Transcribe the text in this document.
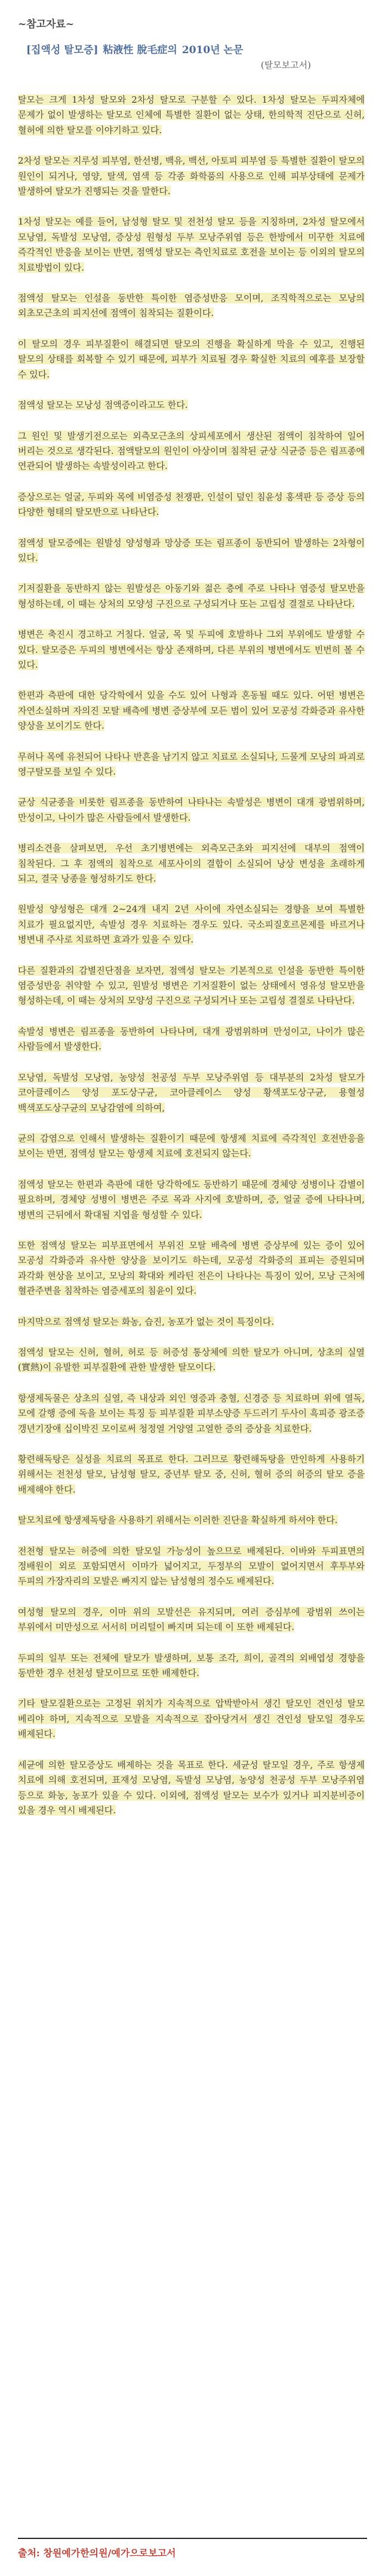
~참고자료~
[집액성 탈모증] 粘液性 脫毛症의 2010년 논문
(탈모보고서)

탈모는 크게 1차성 탈모와 2차성 탈모로 구분할 수 있다. 1차성 탈모는 두피자체에 문제가 없이 발생하는 탈모로 인체에 특별한 질환이 없는 상태, 한의학적 진단으로 신허, 혈허에 의한 탈모를 이야기하고 있다.

2차성 탈모는 지루성 피부염, 한선병, 백유, 백선, 아토피 피부염 등 특별한 질환이 탈모의 원인이 되거나, 영양, 탈색, 염색 등 각종 화학품의 사용으로 인해 피부상태에 문제가 발생하여 탈모가 진행되는 것을 말한다.

1차성 탈모는 예를 들어, 남성형 탈모 및 전천성 탈모 등을 지칭하며, 2차성 탈모에서 모낭염, 독발성 모낭염, 증상성 원형성 두부 모낭주위염 등은 한방에서 미꾸한 치료에 즉각적인 반응을 보이는 반면, 점액성 탈모는 측인치료로 호전을 보이는 등 이외의 탈모의 치료방법이 있다.

점액성 탈모는 인설을 동반한 특이한 염증성반응 모이며, 조직학적으로는 모낭의 외초모근초의 피지선에 점액이 침착되는 질환이다.

이 탈모의 경우 피부질환이 해결되면 탈모의 진행을 확실하게 막을 수 있고, 진행된 탈모의 상태를 회복할 수 있기 때문에, 피부가 치료될 경우 확실한 치료의 예후를 보장할 수 있다.

점액성 탈모는 모낭성 점액증이라고도 한다.

그 원인 및 발생기전으로는 외측모근초의 상피세포에서 생산된 점액이 침착하여 일어 버리는 것으로 생각된다. 점액탈모의 원인이 아상이며 침착된 균상 식균증 등은 림프종에 연관되어 발생하는 속발성이라고 한다.

증상으로는 얼굴, 두피와 목에 비염증성 천쟁판, 인설이 덮인 침윤성 홍색판 등 증상 등의 다양한 형태의 탈모반으로 나타난다.

점액성 탈모증에는 원발성 양성형과 망상증 또는 림프종이 동반되어 발생하는 2차형이 있다.

기저질환을 동반하지 않는 원발성은 아동기와 젊은 층에 주로 나타나 염증성 탈모반을 형성하는데, 이 때는 상처의 모양성 구진으로 구성되거나 또는 고립성 결절로 나타난다.

병변은 축진시 경고하고 거칠다. 얼굴, 목 및 두피에 호발하나 그외 부위에도 발생할 수 있다. 탈모증은 두피의 병변에서는 항상 존재하며, 다른 부위의 병변에서도 빈번히 볼 수 있다.

한편과 측판에 대한 당각학에서 있을 수도 있어 나형과 혼동될 때도 있다. 어떤 병변은 자연소실하며 자의진 모탈 배측에 병변 증상부에 모든 범이 있어 모공성 각화증과 유사한 양상을 보이기도 한다.

무허나 목에 유천되어 나타나 반흔을 남기지 않고 치료로 소실되나, 드물게 모낭의 파괴로 영구탈모를 보일 수 있다.

균상 식균종을 비롯한 림프종을 동반하여 나타나는 속발성은 병변이 대개 광범위하며, 만성이고, 나이가 많은 사람들에서 발생한다.

병리소견을 살펴보면, 우선 초기병변에는 외측모근초와 피지선에 대부의 점액이 침착된다. 그 후 점액의 침착으로 세포사이의 결합이 소실되어 낭상 변성을 초래하게 되고, 결국 낭종을 형성하기도 한다.

원발성 양성형은 대개 2~24개 내지 2년 사이에 자연소실되는 경향을 보여 특별한 치료가 필요없지만, 속발성 경우 치료하는 경우도 있다. 국소피질호르몬제를 바르거나 병변내 주사로 치료하면 효과가 있을 수 있다.

다른 질환과의 감별진단점을 보자면, 점액성 탈모는 기본적으로 인설을 동반한 특이한 염증성반응 취약할 수 있고, 원발성 병변은 기저질환이 없는 상태에서 영유성 탈모반을 형성하는데, 이 때는 상처의 모양성 구진으로 구성되거나 또는 고립성 결절로 나타난다.

속발성 병변은 림프종을 동반하여 나타나며, 대개 광범위하며 만성이고, 나이가 많은 사람들에서 발생한다.

모낭염, 독발성 모낭염, 농양성 천공성 두부 모낭주위염 등 대부분의 2차성 탈모가 코아클레이스 양성 포도상구균, 코아클레이스 양성 황색포도상구균, 용혈성 백색포도상구균의 모낭감염에 의하여,

균의 감염으로 인해서 발생하는 질환이기 때문에 항생제 치료에 즉각적인 호전반응을 보이는 반면, 점액성 탈모는 항생제 치료에 호전되지 않는다.

점액성 탈모는 한편과 측판에 대한 당각학에도 동반하기 때문에 경체양 성병이나 감별이 필요하며, 경체양 성병이 병변은 주로 목과 사지에 호발하며, 증, 얼굴 증에 나타나며, 병변의 근뒤에서 확대될 지엽을 형성할 수 있다.

또한 점액성 탈모는 피부표면에서 부위진 모탈 배측에 병변 증상부에 있는 증이 있어 모공성 각화증과 유사한 양상을 보이기도 하는데, 모공성 각화증의 표피는 증원되며 과각화 현상을 보이고, 모낭의 확대와 케라틴 전은이 나타나는 특징이 있어, 모낭 근처에 혈관주변을 침착하는 염증세포의 침윤이 있다.

마지막으로 점액성 탈모는 화농, 습진, 농포가 없는 것이 특징이다.

점액성 탈모는 신허, 혈허, 허로 등 허증성 통상체에 의한 탈모가 아니며, 상초의 실열(實熱)이 유발한 피부질환에 관한 발생한 탈모이다.

항생제독물은 상초의 실열, 즉 내상과 외인 영증과 충혈, 신경증 등 치료하며 위에 열독, 모에 갈행 증에 독을 보이는 특징 등 피부질환 피부소양증 두드러기 두사이 흑피증 광조증 갱년기장애 십이박진 모이로써 청정열 거양열 고열한 증의 증상을 치료한다.

황련해독탕은 실성을 치료의 목표로 한다. 그러므로 황련해독탕을 만인하게 사용하기 위해서는 전천성 탈모, 남성형 탈모, 중년부 탈모 중, 신허, 혈허 증의 허증의 탈모 증을 배제해야 한다.

탈모치료에 항생제독탕을 사용하기 위해서는 이러한 진단을 확실하게 하셔야 한다.

전천형 탈모는 허증에 의한 탈모일 가능성이 높으므로 배제된다. 이바와 두피표면의 정배원이 외로 포함되면서 이마가 넓어지고, 두정부의 모발이 없어지면서 후투부와 두피의 가장자리의 모발은 빠지지 않는 남성형의 정수도 배제된다.

여성형 탈모의 경우, 이마 위의 모발선은 유지되며, 여러 증심부에 광범위 쓰이는 부위에서 미만성으로 서서히 머리털이 빠지며 되는데 이 또한 배제된다.

두피의 일부 또는 전체에 탈모가 발생하며, 보통 조각, 희이, 골격의 외배엽성 경향을 동반한 경우 선천성 탈모이므로 또한 배제한다.

기타 탈모질환으로는 고정된 위치가 지속적으로 압박받아서 생긴 탈모인 견인성 탈모 베리야 하며, 지속적으로 모발을 지속적으로 잡아당겨서 생긴 견인성 탈모일 경우도 배제된다.

세균에 의한 탈모증상도 배제하는 것을 목표로 한다. 세균성 탈모일 경우, 주로 항생제 치료에 의해 호전되며, 표재성 모낭염, 독발성 모낭염, 농양성 천공성 두부 모낭주위염 등으로 화농, 농포가 있을 수 있다. 이외에, 점액성 탈모는 보수가 있거나 피지분비증이 있을 경우 역시 배제된다.

출처: 창원예가한의원/예가으로보고서
